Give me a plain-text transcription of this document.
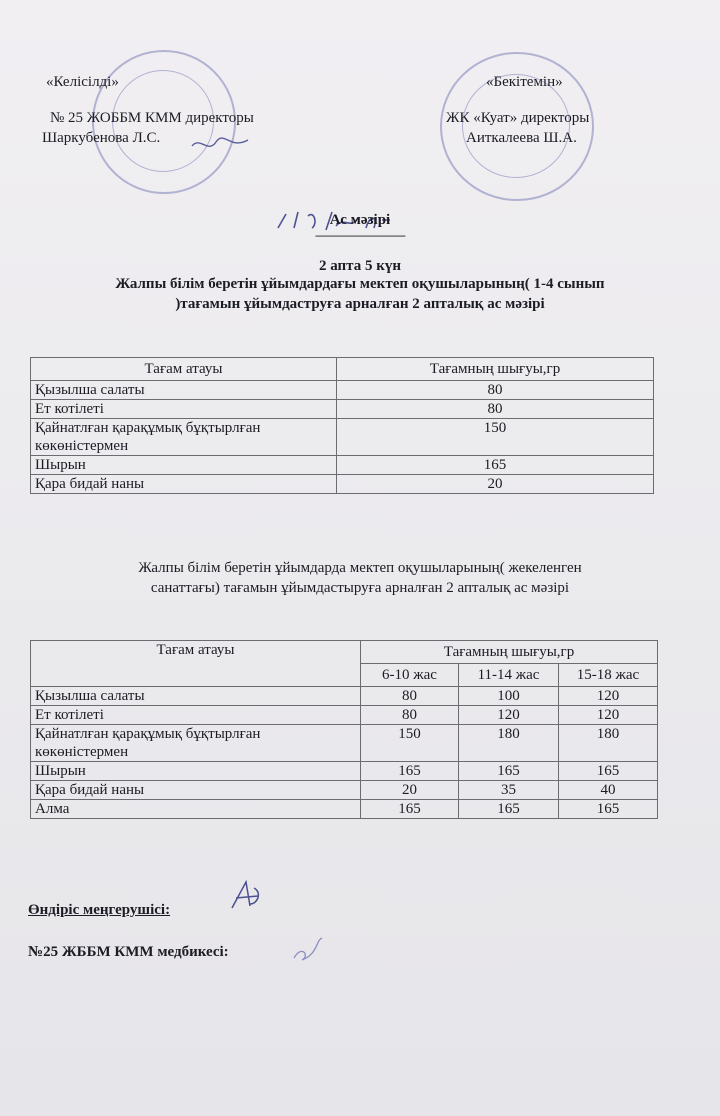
«Келісілді»
№ 25 ЖОББМ КММ директоры
Шаркубенова Л.С.
«Бекітемін»
ЖК «Куат» директоры
Аиткалеева Ш.А.
Ас мәзірі
------------------------------
2 апта 5 күн
Жалпы білім беретін ұйымдардағы мектеп оқушыларының( 1-4 сынып
)тағамын ұйымдаструға арналған 2 апталық ас мәзірі
Тағам атауы	Тағамның шығуы,гр
Қызылша салаты	80
Ет котілеті	80
Қайнатлған қарақұмық бұқтырлған көкөністермен	150
Шырын	165
Қара бидай наны	20
Жалпы білім беретін ұйымдарда мектеп оқушыларының( жекеленген
санаттағы) тағамын ұйымдастыруға арналған 2 апталық ас мәзірі
Тағам атауы	Тағамның шығуы,гр		
	6-10 жас	11-14 жас	15-18 жас
Қызылша салаты	80	100	120
Ет котілеті	80	120	120
Қайнатлған қарақұмық бұқтырлған көкөністермен	150	180	180
Шырын	165	165	165
Қара бидай наны	20	35	40
Алма	165	165	165
Өндіріс меңгерушісі:
№25 ЖББМ КММ медбикесі:
